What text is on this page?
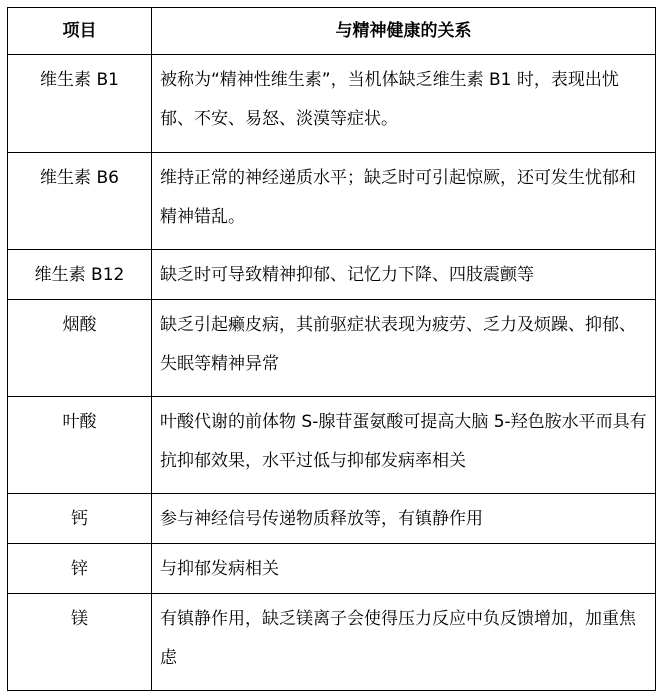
项目	与精神健康的关系
维生素 B1	被称为“精神性维生素”，当机体缺乏维生素 B1 时，表现出忧郁、不安、易怒、淡漠等症状。
维生素 B6	维持正常的神经递质水平；缺乏时可引起惊厥，还可发生忧郁和精神错乱。
维生素 B12	缺乏时可导致精神抑郁、记忆力下降、四肢震颤等
烟酸	缺乏引起癞皮病，其前驱症状表现为疲劳、乏力及烦躁、抑郁、失眠等精神异常
叶酸	叶酸代谢的前体物 S-腺苷蛋氨酸可提高大脑 5-羟色胺水平而具有抗抑郁效果，水平过低与抑郁发病率相关
钙	参与神经信号传递物质释放等，有镇静作用
锌	与抑郁发病相关
镁	有镇静作用，缺乏镁离子会使得压力反应中负反馈增加，加重焦虑
